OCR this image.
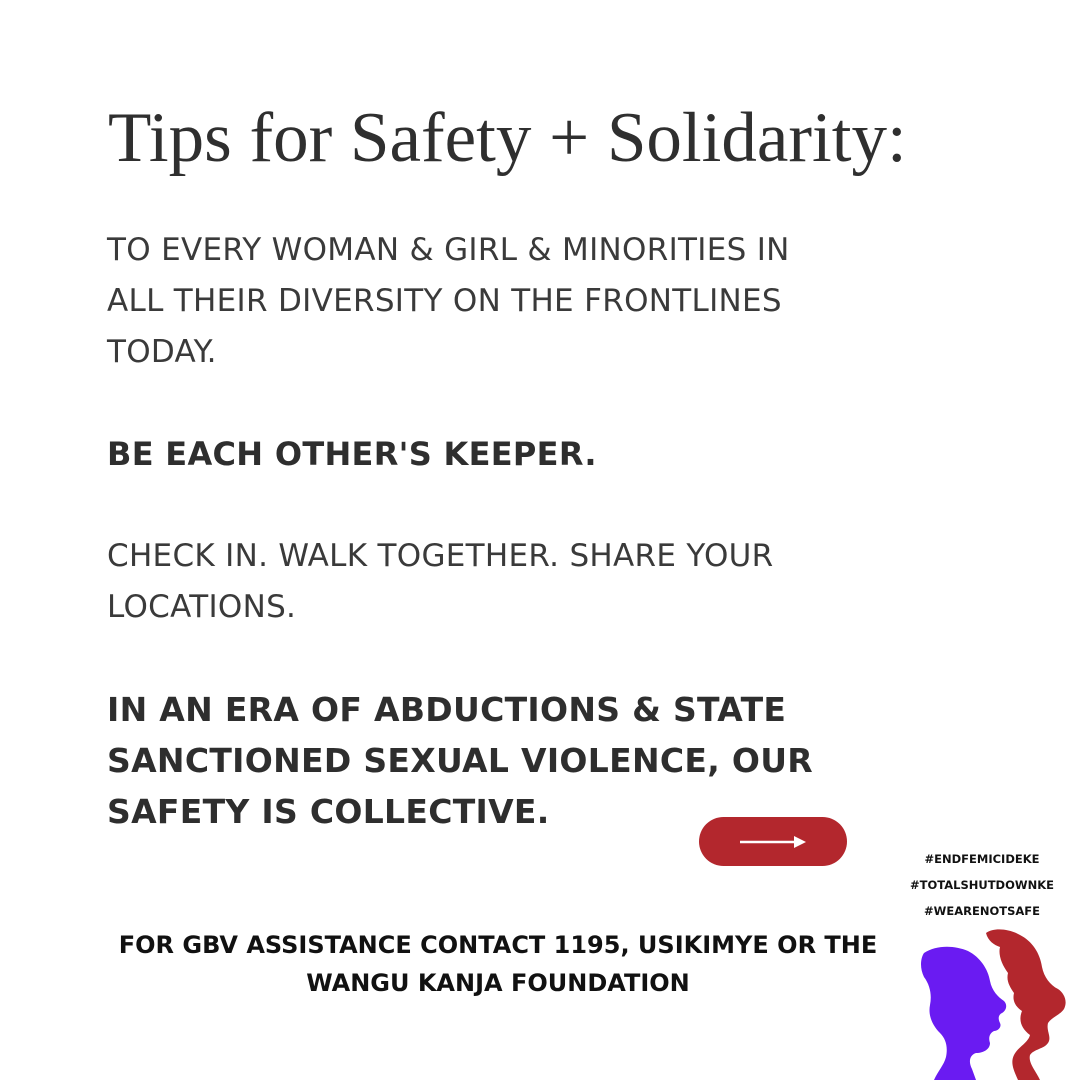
Tips for Safety + Solidarity:

TO EVERY WOMAN & GIRL & MINORITIES IN
ALL THEIR DIVERSITY ON THE FRONTLINES
TODAY.

BE EACH OTHER'S KEEPER.

CHECK IN. WALK TOGETHER. SHARE YOUR
LOCATIONS.

IN AN ERA OF ABDUCTIONS & STATE
SANCTIONED SEXUAL VIOLENCE, OUR
SAFETY IS COLLECTIVE.

FOR GBV ASSISTANCE CONTACT 1195, USIKIMYE OR THE
WANGU KANJA FOUNDATION

#ENDFEMICIDEKE
#TOTALSHUTDOWNKE
#WEARENOTSAFE
